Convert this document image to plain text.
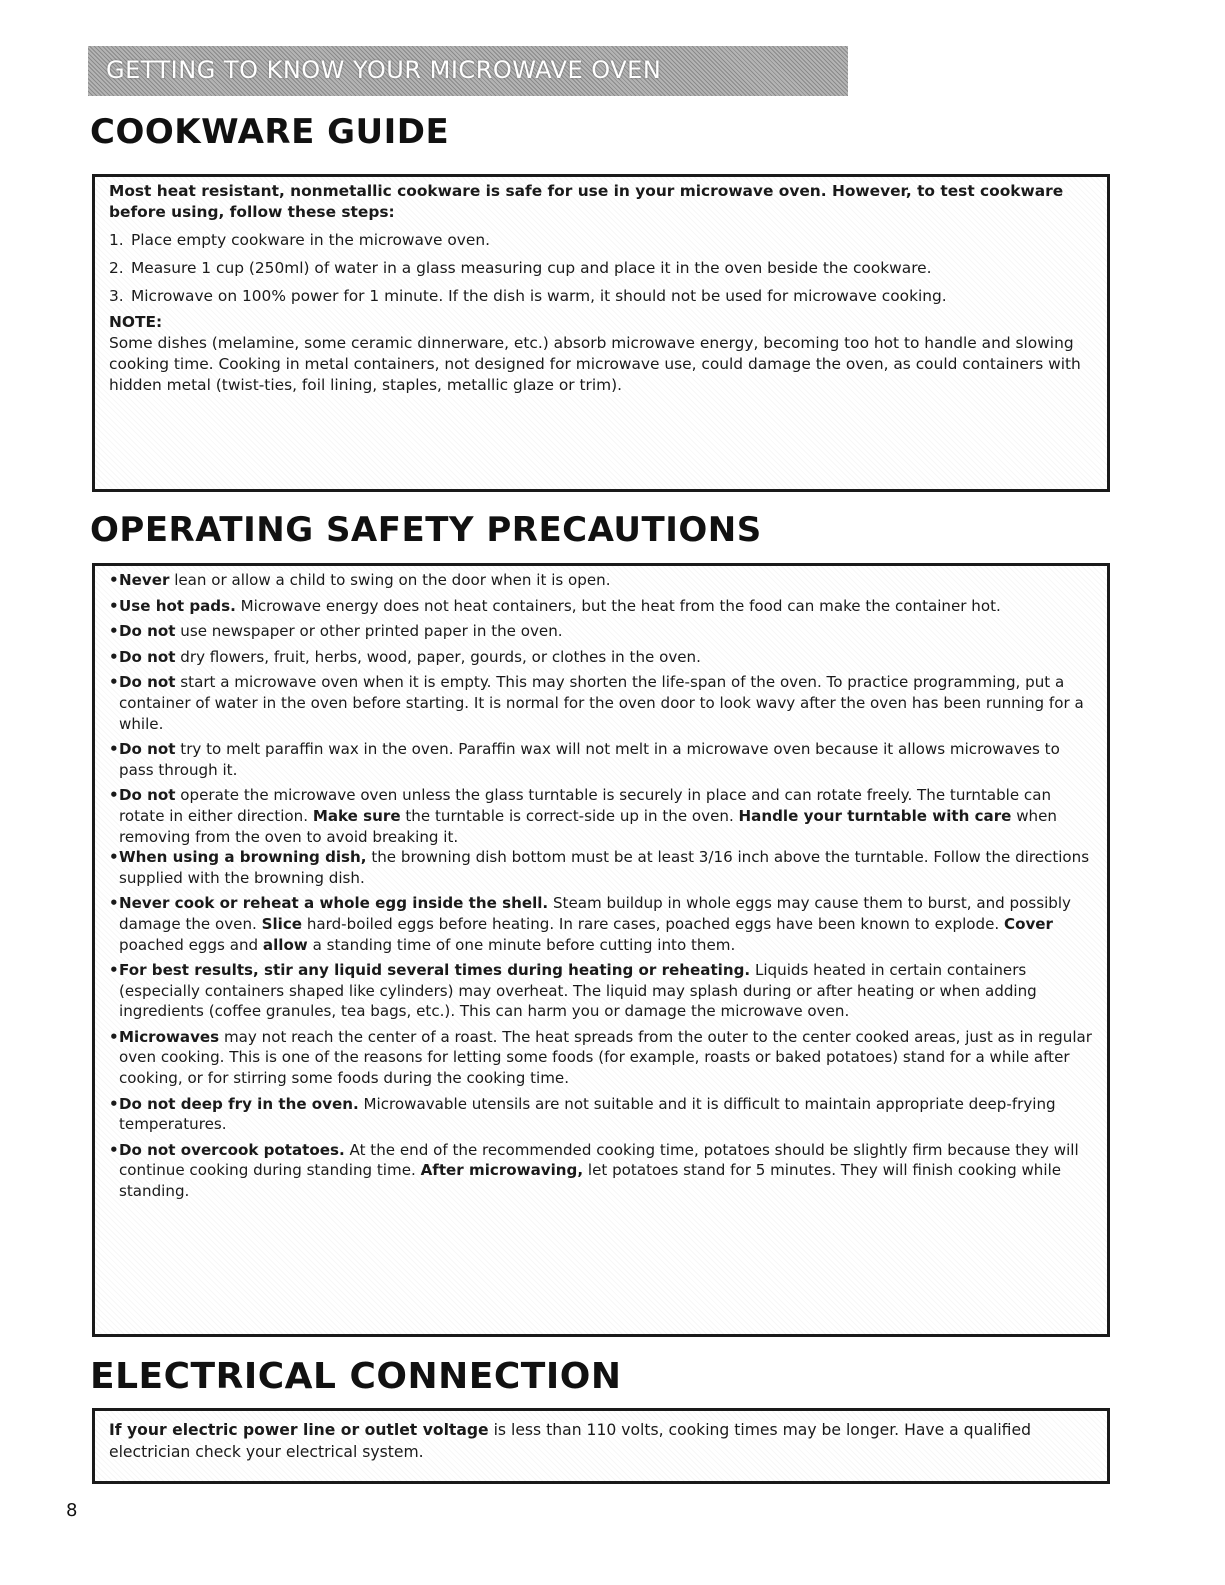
GETTING TO KNOW YOUR MICROWAVE OVEN
COOKWARE GUIDE

Most heat resistant, nonmetallic cookware is safe for use in your microwave oven. However, to test cookware before using, follow these steps:

1. Place empty cookware in the microwave oven.
2. Measure 1 cup (250ml) of water in a glass measuring cup and place it in the oven beside the cookware.
3. Microwave on 100% power for 1 minute. If the dish is warm, it should not be used for microwave cooking.

NOTE:

Some dishes (melamine, some ceramic dinnerware, etc.) absorb microwave energy, becoming too hot to handle and slowing cooking time. Cooking in metal containers, not designed for microwave use, could damage the oven, as could containers with hidden metal (twist-ties, foil lining, staples, metallic glaze or trim).

OPERATING SAFETY PRECAUTIONS
• Never lean or allow a child to swing on the door when it is open.
• Use hot pads. Microwave energy does not heat containers, but the heat from the food can make the container hot.
• Do not use newspaper or other printed paper in the oven.
• Do not dry flowers, fruit, herbs, wood, paper, gourds, or clothes in the oven.
• Do not start a microwave oven when it is empty. This may shorten the life-span of the oven. To practice programming, put a container of water in the oven before starting. It is normal for the oven door to look wavy after the oven has been running for a while.
• Do not try to melt paraffin wax in the oven. Paraffin wax will not melt in a microwave oven because it allows microwaves to pass through it.
• Do not operate the microwave oven unless the glass turntable is securely in place and can rotate freely. The turntable can rotate in either direction. Make sure the turntable is correct-side up in the oven. Handle your turntable with care when removing from the oven to avoid breaking it.
• When using a browning dish, the browning dish bottom must be at least 3/16 inch above the turntable. Follow the directions supplied with the browning dish.
• Never cook or reheat a whole egg inside the shell. Steam buildup in whole eggs may cause them to burst, and possibly damage the oven. Slice hard-boiled eggs before heating. In rare cases, poached eggs have been known to explode. Cover poached eggs and allow a standing time of one minute before cutting into them.
• For best results, stir any liquid several times during heating or reheating. Liquids heated in certain containers (especially containers shaped like cylinders) may overheat. The liquid may splash during or after heating or when adding ingredients (coffee granules, tea bags, etc.). This can harm you or damage the microwave oven.
• Microwaves may not reach the center of a roast. The heat spreads from the outer to the center cooked areas, just as in regular oven cooking. This is one of the reasons for letting some foods (for example, roasts or baked potatoes) stand for a while after cooking, or for stirring some foods during the cooking time.
• Do not deep fry in the oven. Microwavable utensils are not suitable and it is difficult to maintain appropriate deep-frying temperatures.
• Do not overcook potatoes. At the end of the recommended cooking time, potatoes should be slightly firm because they will continue cooking during standing time. After microwaving, let potatoes stand for 5 minutes. They will finish cooking while standing.
ELECTRICAL CONNECTION

If your electric power line or outlet voltage is less than 110 volts, cooking times may be longer. Have a qualified electrician check your electrical system.

8
